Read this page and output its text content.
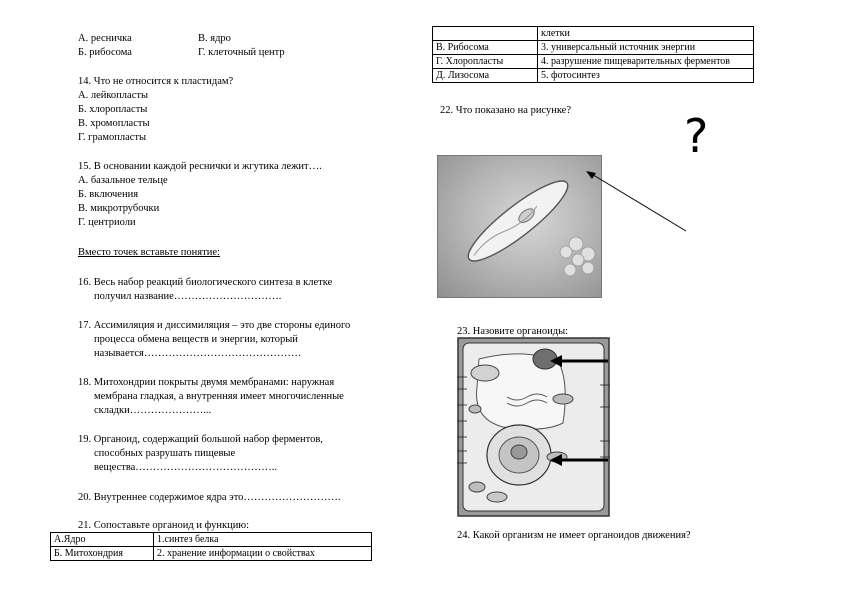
А. ресничка	В. ядро
Б. рибосома	Г. клеточный центр
14. Что не относится к пластидам?
А. лейкопласты
Б. хлоропласты
В. хромопласты
Г. грамопласты
15. В основании каждой реснички и жгутика лежит….
А. базальное тельце
Б. включения
В. микротрубочки
Г. центриоли
Вместо точек вставьте понятие:
16. Весь набор реакций биологического синтеза в клетке
получил название………………………….
17. Ассимиляция и диссимиляция – это две стороны единого
процесса обмена веществ и энергии, который
называется………………………………………
18. Митохондрии покрыты двумя мембранами: наружная
мембрана гладкая, а внутренняя имеет многочисленные
складки…………………...
19. Органоид, содержащий большой набор ферментов,
способных разрушать пищевые
вещества…………………………………..
20. Внутреннее содержимое ядра это……………………….
21. Сопоставьте органоид и функцию:
А.Ядро	1.синтез белка
Б. Митохондрия	2. хранение информации о свойствах
	клетки
В. Рибосома	3. универсальный источник энергии
Г. Хлоропласты	4. разрушение пищеварительных ферментов
Д. Лизосома	5. фотосинтез
22. Что показано на рисунке? ?
23. Назовите органоиды:
24. Какой организм не имеет органоидов движения?
